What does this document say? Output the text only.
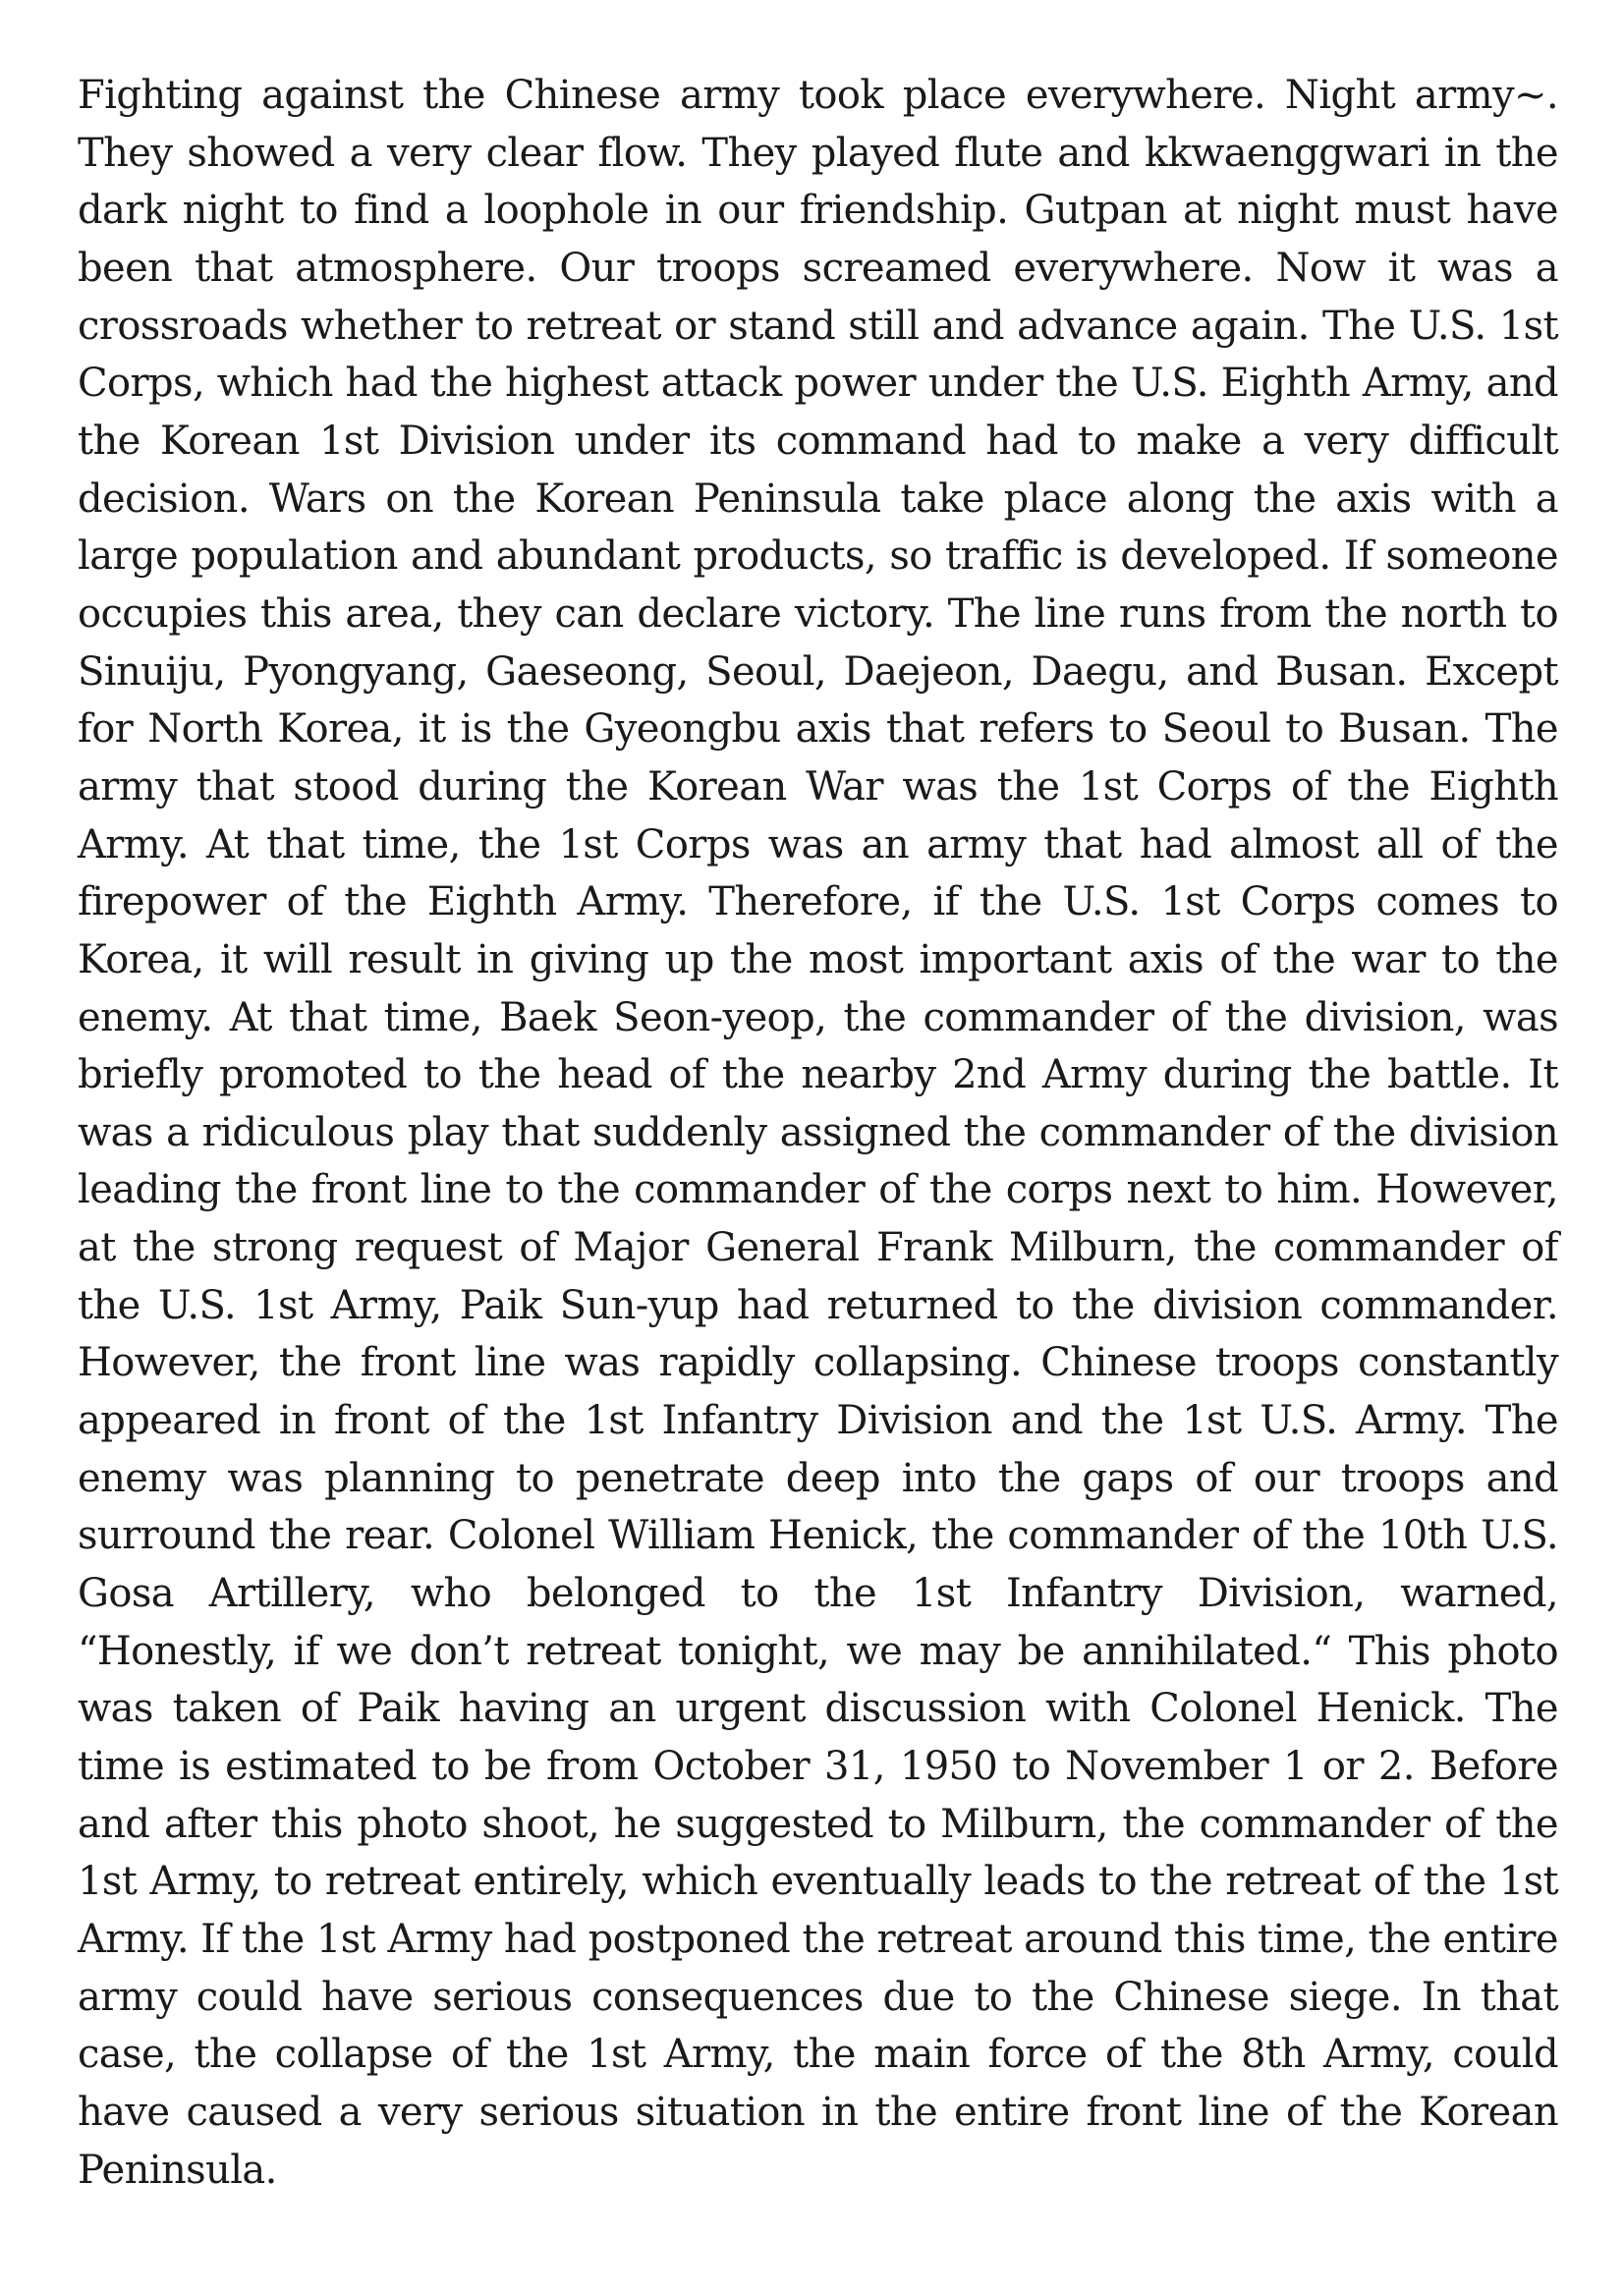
Fighting against the Chinese army took place everywhere. Night army~. They showed a very clear flow. They played flute and kkwaenggwari in the dark night to find a loophole in our friendship. Gutpan at night must have been that atmosphere. Our troops screamed everywhere. Now it was a crossroads whether to retreat or stand still and advance again. The U.S. 1st Corps, which had the highest attack power under the U.S. Eighth Army, and the Korean 1st Division under its command had to make a very difficult decision. Wars on the Korean Peninsula take place along the axis with a large population and abundant products, so traffic is developed. If someone occupies this area, they can declare victory. The line runs from the north to Sinuiju, Pyongyang, Gaeseong, Seoul, Daejeon, Daegu, and Busan. Except for North Korea, it is the Gyeongbu axis that refers to Seoul to Busan. The army that stood during the Korean War was the 1st Corps of the Eighth Army. At that time, the 1st Corps was an army that had almost all of the firepower of the Eighth Army. Therefore, if the U.S. 1st Corps comes to Korea, it will result in giving up the most important axis of the war to the enemy. At that time, Baek Seon-yeop, the commander of the division, was briefly promoted to the head of the nearby 2nd Army during the battle. It was a ridiculous play that suddenly assigned the commander of the division leading the front line to the commander of the corps next to him. However, at the strong request of Major General Frank Milburn, the commander of the U.S. 1st Army, Paik Sun-yup had returned to the division commander. However, the front line was rapidly collapsing. Chinese troops constantly appeared in front of the 1st Infantry Division and the 1st U.S. Army. The enemy was planning to penetrate deep into the gaps of our troops and surround the rear. Colonel William Henick, the commander of the 10th U.S. Gosa Artillery, who belonged to the 1st Infantry Division, warned, “Honestly, if we don’t retreat tonight, we may be annihilated.“ This photo was taken of Paik having an urgent discussion with Colonel Henick. The time is estimated to be from October 31, 1950 to November 1 or 2. Before and after this photo shoot, he suggested to Milburn, the commander of the 1st Army, to retreat entirely, which eventually leads to the retreat of the 1st Army. If the 1st Army had postponed the retreat around this time, the entire army could have serious consequences due to the Chinese siege. In that case, the collapse of the 1st Army, the main force of the 8th Army, could have caused a very serious situation in the entire front line of the Korean Peninsula.
